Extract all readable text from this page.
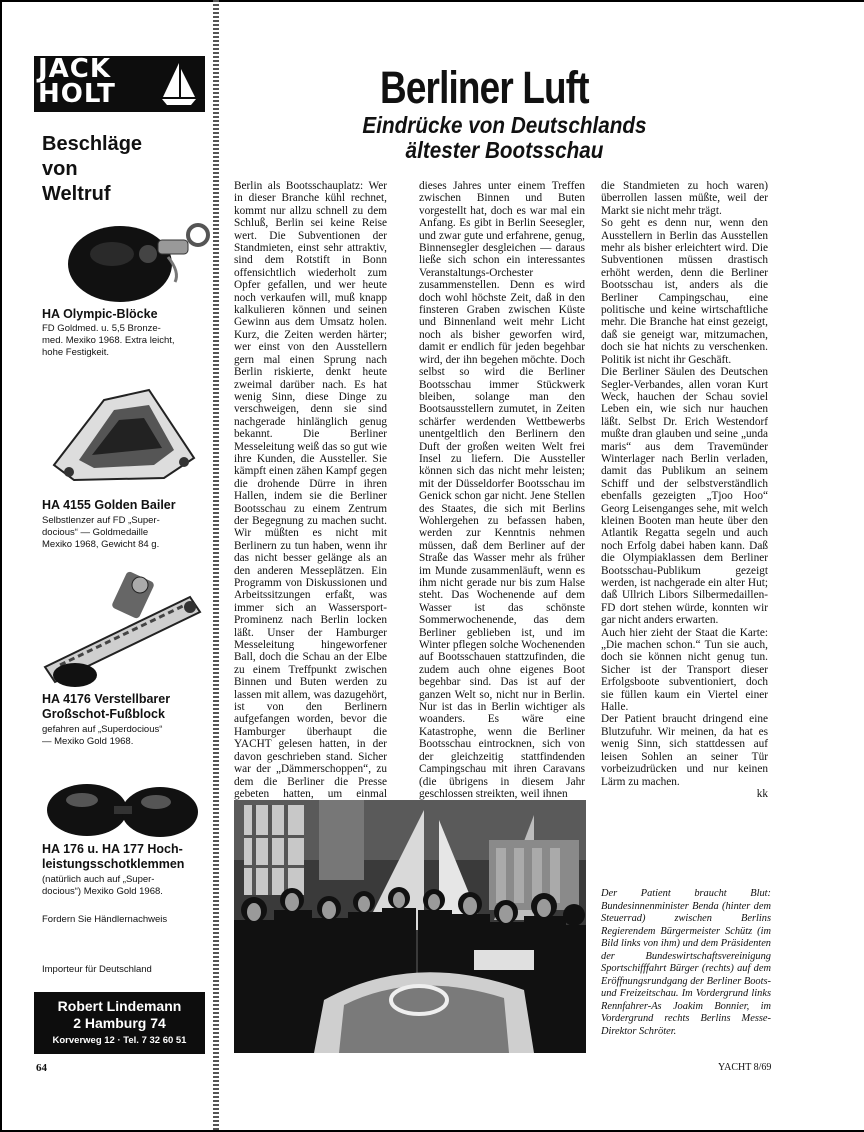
JACK
HOLT
Beschläge
von
Weltruf
HA Olympic-Blöcke
FD Goldmed. u. 5,5 Bronze-
med. Mexiko 1968. Extra leicht,
hohe Festigkeit.
HA 4155 Golden Bailer
Selbstlenzer auf FD „Super-
docious“ — Goldmedaille
Mexiko 1968, Gewicht 84 g.
HA 4176 Verstellbarer
Großschot-Fußblock
gefahren auf „Superdocious“
— Mexiko Gold 1968.
HA 176 u. HA 177 Hoch-
leistungsschotklemmen
(natürlich auch auf „Super-
docious“) Mexiko Gold 1968.
Fordern Sie Händlernachweis
Importeur für Deutschland
Robert Lindemann
2 Hamburg 74
Korverweg 12 · Tel. 7 32 60 51
64
Berliner Luft
Eindrücke von Deutschlands
ältester Bootsschau

Berlin als Bootsschauplatz: Wer in dieser Branche kühl rechnet, kommt nur allzu schnell zu dem Schluß, Berlin sei keine Reise wert. Die Subventionen der Standmieten, einst sehr attraktiv, sind dem Rotstift in Bonn offensichtlich wiederholt zum Opfer gefallen, und wer heute noch verkaufen will, muß knapp kalkulieren können und seinen Gewinn aus dem Umsatz holen. Kurz, die Zeiten werden härter; wer einst von den Ausstellern gern mal einen Sprung nach Berlin riskierte, denkt heute zweimal darüber nach. Es hat wenig Sinn, diese Dinge zu verschweigen, denn sie sind nachgerade hinlänglich genug bekannt. Die Berliner Messeleitung weiß das so gut wie ihre Kunden, die Aussteller. Sie kämpft einen zähen Kampf gegen die drohende Dürre in ihren Hallen, indem sie die Berliner Bootsschau zu einem Zentrum der Begegnung zu machen sucht. Wir müßten es nicht mit Berlinern zu tun haben, wenn ihr das nicht besser gelänge als an den anderen Messeplätzen. Ein Programm von Diskussionen und Arbeitssitzungen erfaßt, was immer sich an Wassersport-Prominenz nach Berlin locken läßt. Unser der Hamburger Messeleitung hingeworfener Ball, doch die Schau an der Elbe zu einem Treffpunkt zwischen Binnen und Buten werden zu lassen mit allem, was dazugehört, ist von den Berlinern aufgefangen worden, bevor die Hamburger überhaupt die YACHT gelesen hatten, in der davon geschrieben stand. Sicher war der „Dämmerschoppen“, zu dem die Berliner die Presse gebeten hatten, um einmal

dieses Jahres unter einem Treffen zwischen Binnen und Buten vorgestellt hat, doch es war mal ein Anfang. Es gibt in Berlin Seesegler, und zwar gute und erfahrene, genug, Binnensegler desgleichen — daraus ließe sich schon ein interessantes Veranstaltungs-Orchester zusammenstellen. Denn es wird doch wohl höchste Zeit, daß in den finsteren Graben zwischen Küste und Binnenland weit mehr Licht noch als bisher geworfen wird, damit er endlich für jeden begehbar wird, der ihn begehen möchte. Doch selbst so wird die Berliner Bootsschau immer Stückwerk bleiben, solange man den Bootsausstellern zumutet, in Zeiten schärfer werdenden Wettbewerbs unentgeltlich den Berlinern den Duft der großen weiten Welt frei Insel zu liefern. Die Aussteller können sich das nicht mehr leisten; mit der Düsseldorfer Bootsschau im Genick schon gar nicht. Jene Stellen des Staates, die sich mit Berlins Wohlergehen zu befassen haben, werden zur Kenntnis nehmen müssen, daß dem Berliner auf der Straße das Wasser mehr als früher im Munde zusammenläuft, wenn es ihm nicht gerade nur bis zum Halse steht. Das Wochenende auf dem Wasser ist das schönste Sommerwochenende, das dem Berliner geblieben ist, und im Winter pflegen solche Wochenenden auf Bootsschauen stattzufinden, die zudem auch ohne eigenes Boot begehbar sind. Das ist auf der ganzen Welt so, nicht nur in Berlin. Nur ist das in Berlin wichtiger als woanders. Es wäre eine Katastrophe, wenn die Berliner Bootsschau eintrocknen, sich von der gleichzeitig stattfindenden Campingschau mit ihren Caravans (die übrigens in diesem Jahr geschlossen streikten, weil ihnen

die Standmieten zu hoch waren) überrollen lassen müßte, weil der Markt sie nicht mehr trägt.

So geht es denn nur, wenn den Ausstellern in Berlin das Ausstellen mehr als bisher erleichtert wird. Die Subventionen müssen drastisch erhöht werden, denn die Berliner Bootsschau ist, anders als die Berliner Campingschau, eine politische und keine wirtschaftliche mehr. Die Branche hat einst gezeigt, daß sie geneigt war, mitzumachen, doch sie hat nichts zu verschenken. Politik ist nicht ihr Geschäft.

Die Berliner Säulen des Deutschen Segler-Verbandes, allen voran Kurt Weck, hauchen der Schau soviel Leben ein, wie sich nur hauchen läßt. Selbst Dr. Erich Westendorf mußte dran glauben und seine „unda maris“ aus dem Travemünder Winterlager nach Berlin verladen, damit das Publikum an seinem Schiff und der selbstverständlich ebenfalls gezeigten „Tjoo Hoo“ Georg Leisenganges sehe, mit welch kleinen Booten man heute über den Atlantik Regatta segeln und auch noch Erfolg dabei haben kann. Daß die Olympiaklassen dem Berliner Bootsschau-Publikum gezeigt werden, ist nachgerade ein alter Hut; daß Ullrich Libors Silbermedaillen-FD dort stehen würde, konnten wir gar nicht anders erwarten.

Auch hier zieht der Staat die Karte: „Die machen schon.“ Tun sie auch, doch sie können nicht genug tun. Sicher ist der Transport dieser Erfolgsboote subventioniert, doch sie füllen kaum ein Viertel einer Halle.

Der Patient braucht dringend eine Blutzufuhr. Wir meinen, da hat es wenig Sinn, sich stattdessen auf leisen Sohlen an seiner Tür vorbeizudrücken und nur keinen Lärm zu machen.

kk

Der Patient braucht Blut: Bundesinnenminister Benda (hinter dem Steuerrad) zwischen Berlins Regierendem Bürgermeister Schütz (im Bild links von ihm) und dem Präsidenten der Bundeswirtschaftsvereinigung Sportschifffahrt Bürger (rechts) auf dem Eröffnungsrundgang der Berliner Boots- und Freizeitschau. Im Vordergrund links Rennfahrer-As Joakim Bonnier, im Vordergrund rechts Berlins Messe-Direktor Schröter.
YACHT 8/69
